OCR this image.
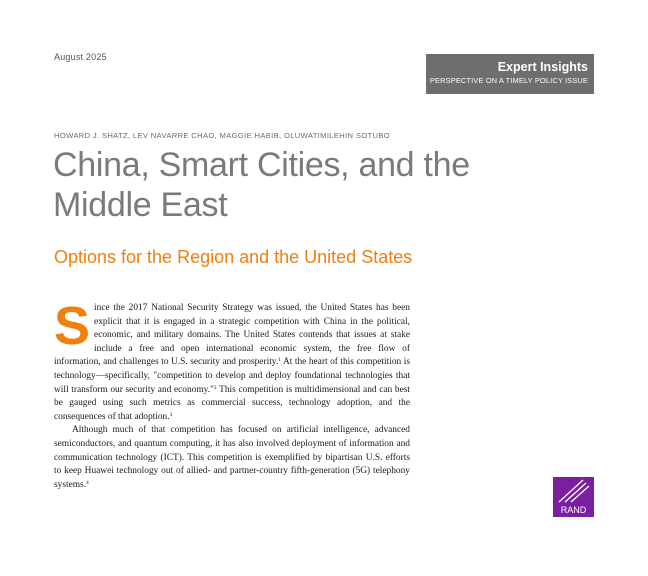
August 2025
Expert Insights
PERSPECTIVE ON A TIMELY POLICY ISSUE
HOWARD J. SHATZ, LEV NAVARRE CHAO, MAGGIE HABIB, OLUWATIMILEHIN SOTUBO
China, Smart Cities, and the Middle East
Options for the Region and the United States

Since the 2017 National Security Strategy was issued, the United States has been explicit that it is engaged in a strategic competition with China in the political, economic, and military domains. The United States contends that issues at stake include a free and open international economic system, the free flow of information, and challenges to U.S. security and prosperity.$^1$ At the heart of this competition is technology—specifically, "competition to develop and deploy foundational technologies that will transform our security and economy."$^2$ This competition is multidimensional and can best be gauged using such metrics as commercial success, technology adoption, and the consequences of that adoption.$^3$

Although much of that competition has focused on artificial intelligence, advanced semiconductors, and quantum computing, it has also involved deployment of information and communication technology (ICT). This competition is exemplified by bipartisan U.S. efforts to keep Huawei technology out of allied- and partner-country fifth-generation (5G) telephony systems.$^4$

RAND
